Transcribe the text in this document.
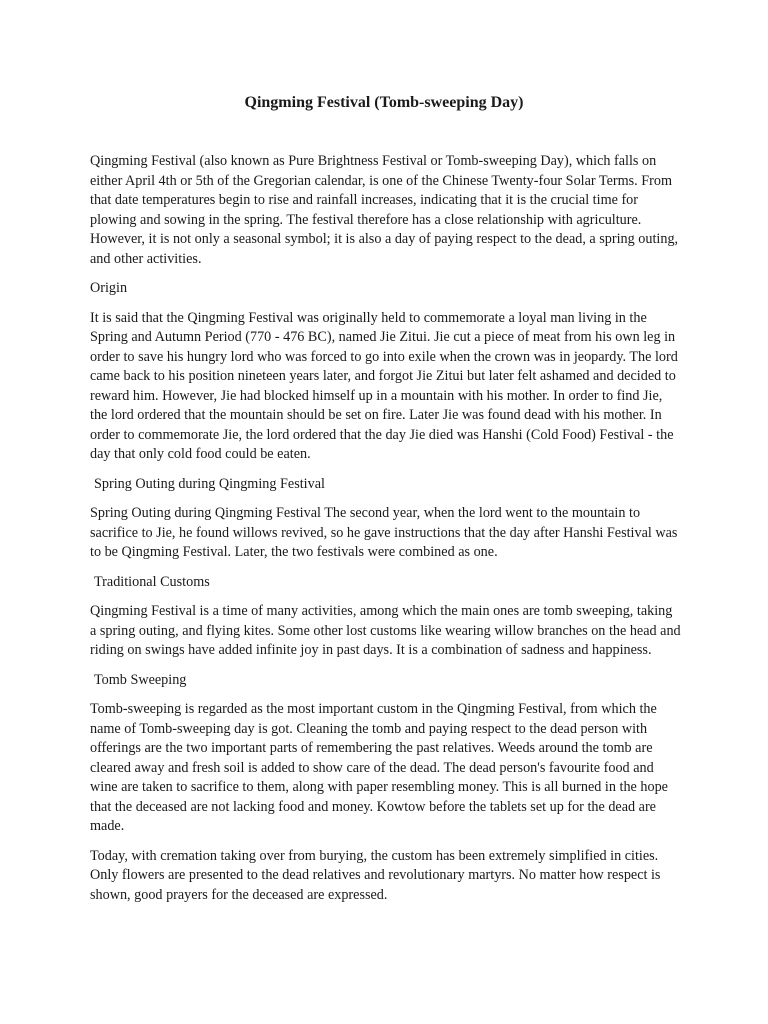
Qingming Festival (Tomb-sweeping Day)

Qingming Festival (also known as Pure Brightness Festival or Tomb-sweeping Day), which falls on either April 4th or 5th of the Gregorian calendar, is one of the Chinese Twenty-four Solar Terms. From that date temperatures begin to rise and rainfall increases, indicating that it is the crucial time for plowing and sowing in the spring. The festival therefore has a close relationship with agriculture. However, it is not only a seasonal symbol; it is also a day of paying respect to the dead, a spring outing, and other activities.

Origin

It is said that the Qingming Festival was originally held to commemorate a loyal man living in the Spring and Autumn Period (770 - 476 BC), named Jie Zitui. Jie cut a piece of meat from his own leg in order to save his hungry lord who was forced to go into exile when the crown was in jeopardy. The lord came back to his position nineteen years later, and forgot Jie Zitui but later felt ashamed and decided to reward him. However, Jie had blocked himself up in a mountain with his mother. In order to find Jie, the lord ordered that the mountain should be set on fire. Later Jie was found dead with his mother. In order to commemorate Jie, the lord ordered that the day Jie died was Hanshi (Cold Food) Festival - the day that only cold food could be eaten.

Spring Outing during Qingming Festival

Spring Outing during Qingming Festival The second year, when the lord went to the mountain to sacrifice to Jie, he found willows revived, so he gave instructions that the day after Hanshi Festival was to be Qingming Festival. Later, the two festivals were combined as one.

Traditional Customs

Qingming Festival is a time of many activities, among which the main ones are tomb sweeping, taking a spring outing, and flying kites. Some other lost customs like wearing willow branches on the head and riding on swings have added infinite joy in past days. It is a combination of sadness and happiness.

Tomb Sweeping

Tomb-sweeping is regarded as the most important custom in the Qingming Festival, from which the name of Tomb-sweeping day is got. Cleaning the tomb and paying respect to the dead person with offerings are the two important parts of remembering the past relatives. Weeds around the tomb are cleared away and fresh soil is added to show care of the dead. The dead person's favourite food and wine are taken to sacrifice to them, along with paper resembling money. This is all burned in the hope that the deceased are not lacking food and money. Kowtow before the tablets set up for the dead are made.

Today, with cremation taking over from burying, the custom has been extremely simplified in cities. Only flowers are presented to the dead relatives and revolutionary martyrs. No matter how respect is shown, good prayers for the deceased are expressed.
